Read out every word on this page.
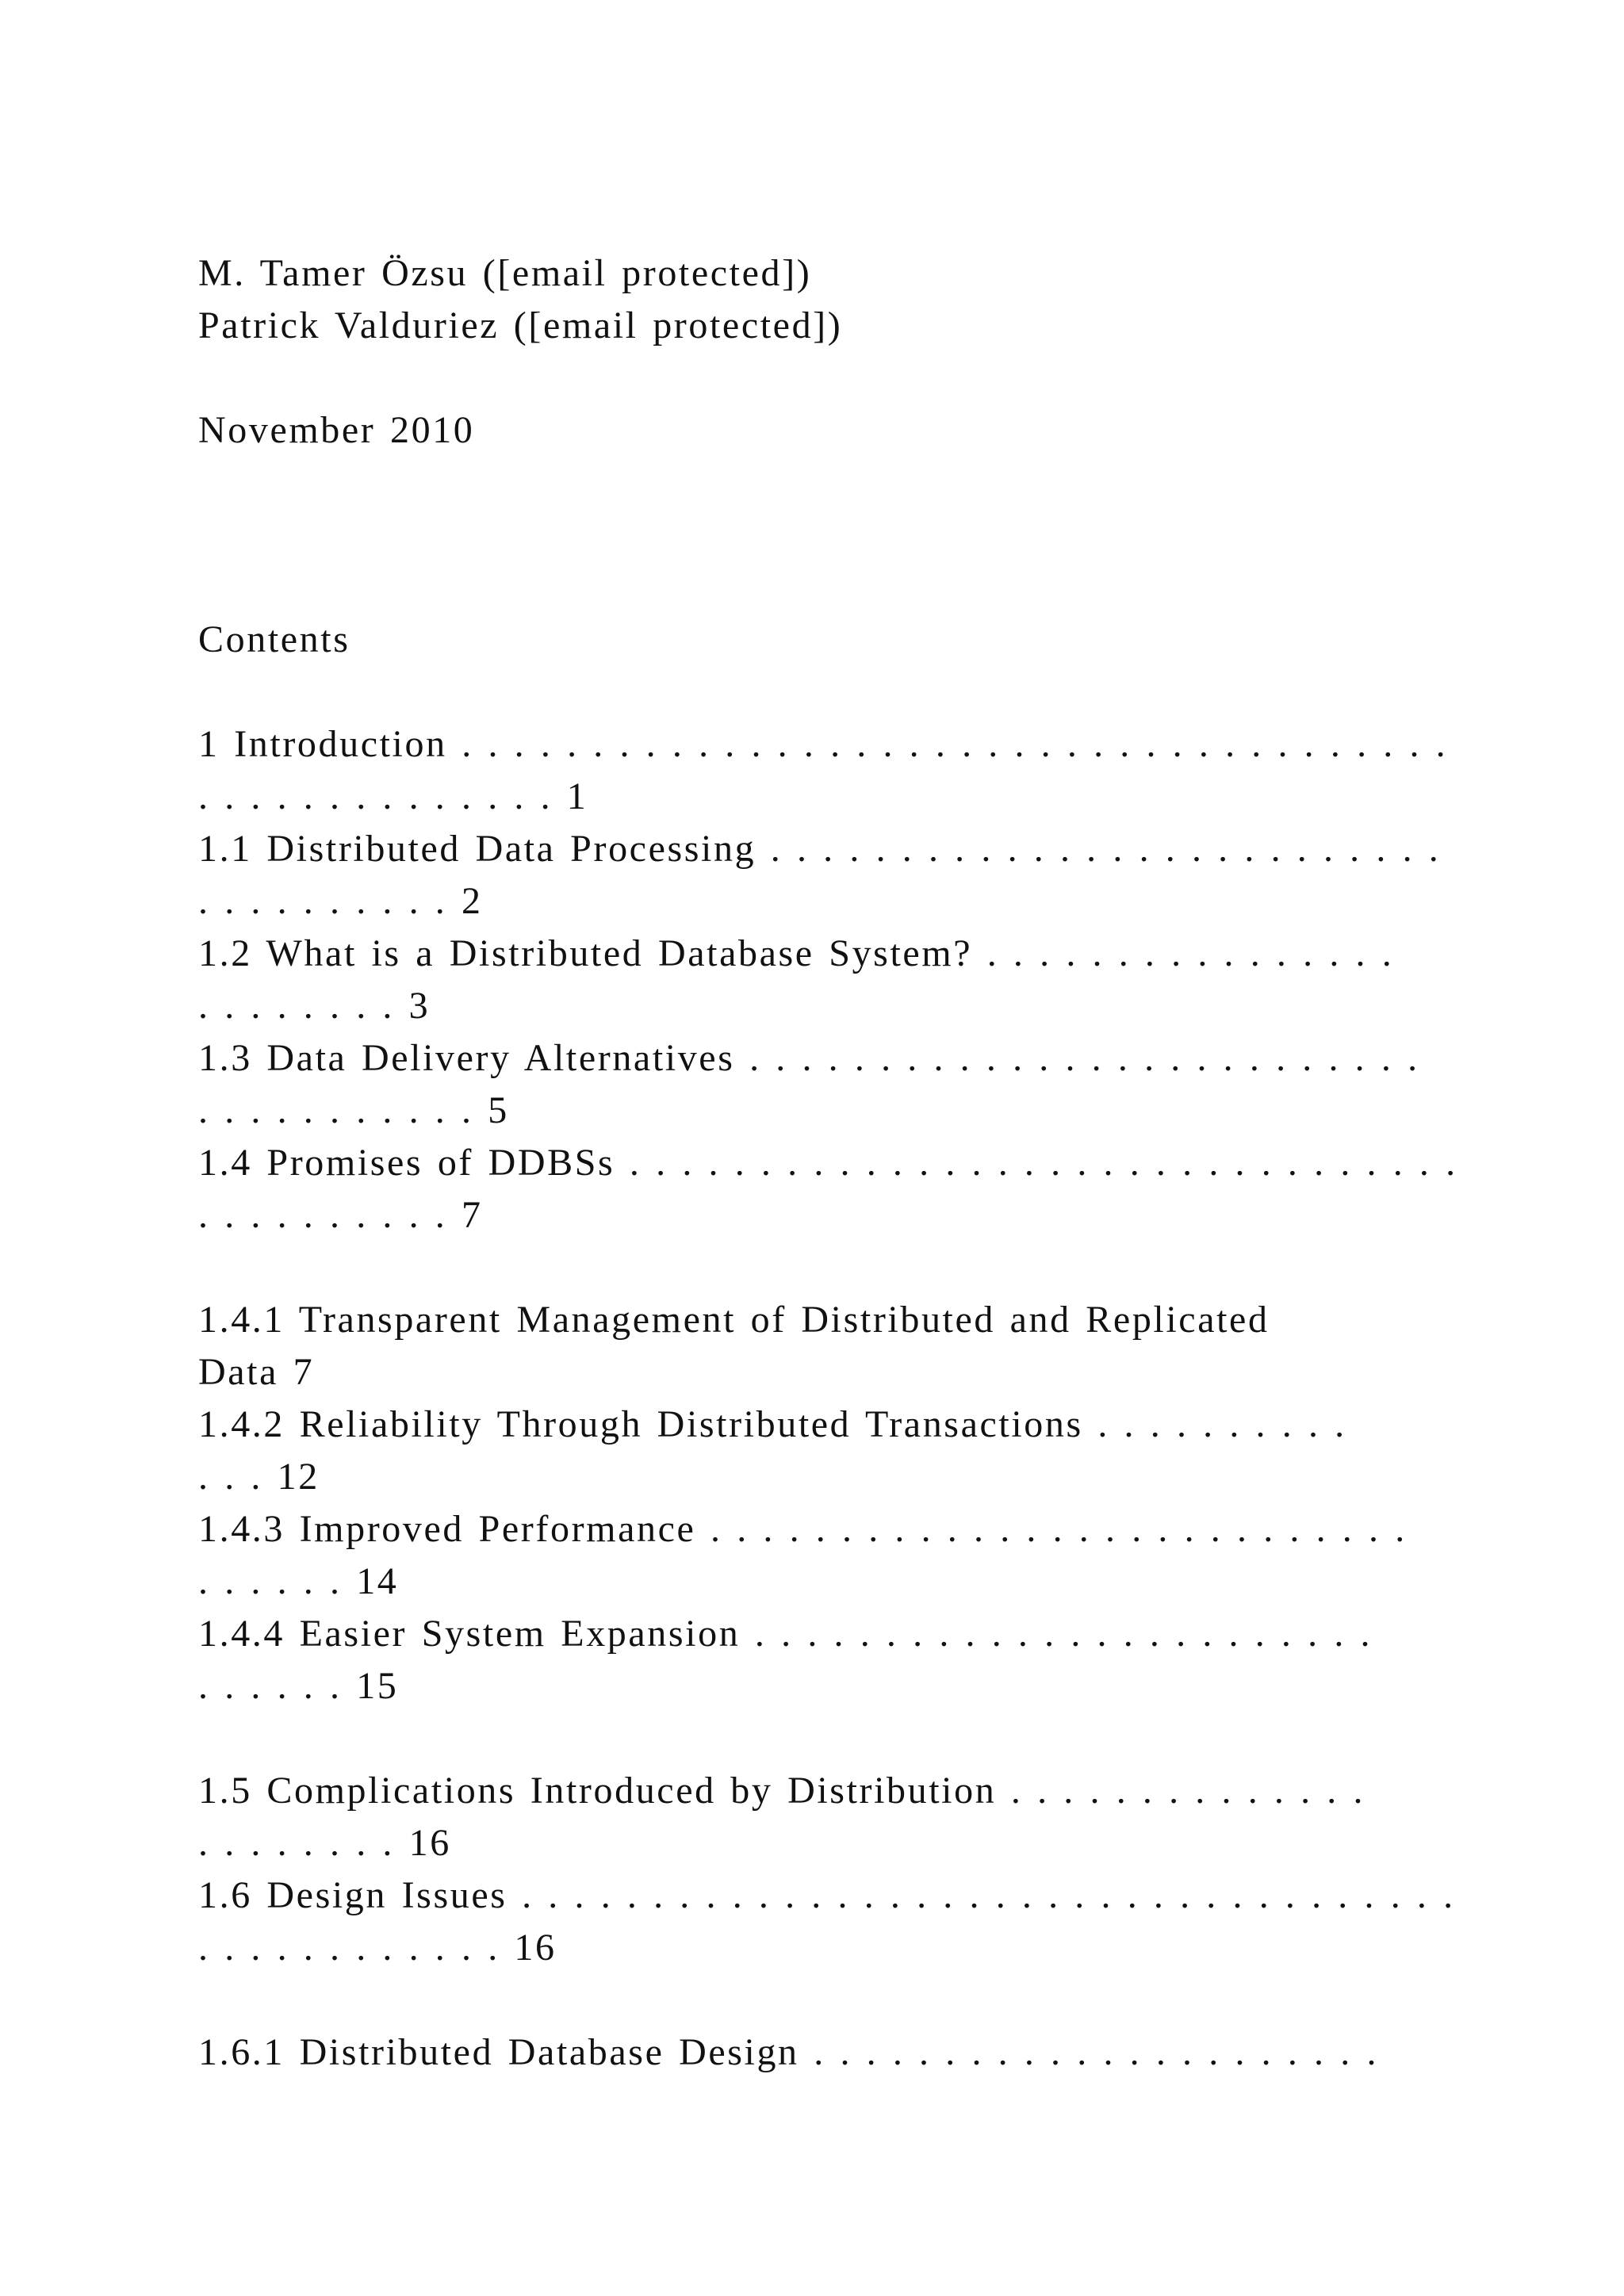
M. Tamer Özsu ([email protected])
Patrick Valduriez ([email protected])
November 2010
Contents
1 Introduction . . . . . . . . . . . . . . . . . . . . . . . . . . . . . . . . . . . . . .
. . . . . . . . . . . . . . 1
1.1 Distributed Data Processing . . . . . . . . . . . . . . . . . . . . . . . . . .
. . . . . . . . . . 2
1.2 What is a Distributed Database System? . . . . . . . . . . . . . . . .
. . . . . . . . 3
1.3 Data Delivery Alternatives . . . . . . . . . . . . . . . . . . . . . . . . . .
. . . . . . . . . . . 5
1.4 Promises of DDBSs . . . . . . . . . . . . . . . . . . . . . . . . . . . . . . . .
. . . . . . . . . . 7
1.4.1 Transparent Management of Distributed and Replicated
Data 7
1.4.2 Reliability Through Distributed Transactions . . . . . . . . . .
. . . 12
1.4.3 Improved Performance . . . . . . . . . . . . . . . . . . . . . . . . . . .
. . . . . . 14
1.4.4 Easier System Expansion . . . . . . . . . . . . . . . . . . . . . . . .
. . . . . . 15
1.5 Complications Introduced by Distribution . . . . . . . . . . . . . .
. . . . . . . . 16
1.6 Design Issues . . . . . . . . . . . . . . . . . . . . . . . . . . . . . . . . . . . .
. . . . . . . . . . . . 16
1.6.1 Distributed Database Design . . . . . . . . . . . . . . . . . . . . . .
